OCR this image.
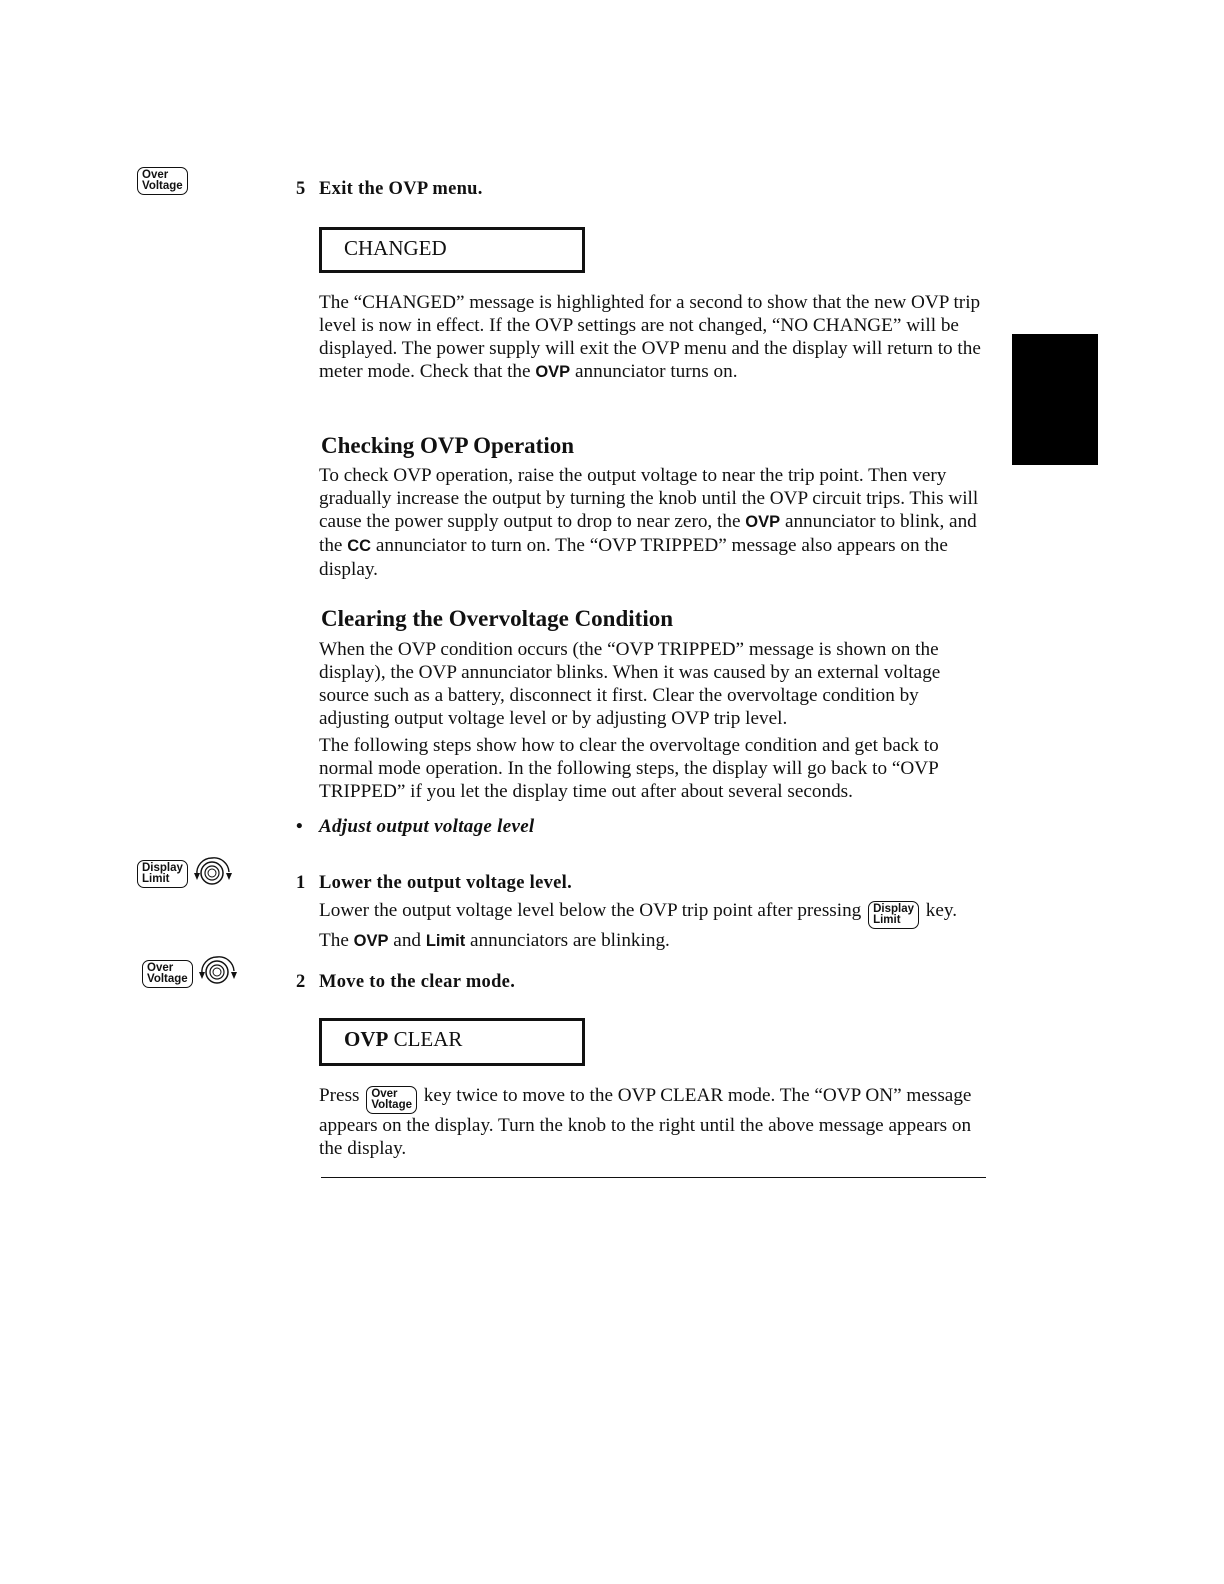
Over
Voltage
Display
Limit
Over
Voltage
5 Exit the OVP menu.
CHANGED

The “CHANGED” message is highlighted for a second to show that the new OVP trip level is now in effect. If the OVP settings are not changed, “NO CHANGE” will be displayed. The power supply will exit the OVP menu and the display will return to the meter mode. Check that the OVP annunciator turns on.

Checking OVP Operation

To check OVP operation, raise the output voltage to near the trip point. Then very gradually increase the output by turning the knob until the OVP circuit trips. This will cause the power supply output to drop to near zero, the OVP annunciator to blink, and the CC annunciator to turn on. The “OVP TRIPPED” message also appears on the display.

Clearing the Overvoltage Condition

When the OVP condition occurs (the “OVP TRIPPED” message is shown on the display), the OVP annunciator blinks. When it was caused by an external voltage source such as a battery, disconnect it first. Clear the overvoltage condition by adjusting output voltage level or by adjusting OVP trip level.

The following steps show how to clear the overvoltage condition and get back to normal mode operation. In the following steps, the display will go back to “OVP TRIPPED” if you let the display time out after about several seconds.

• Adjust output voltage level
1 Lower the output voltage level.

Lower the output voltage level below the OVP trip point after pressing Display
Limit	key. The OVP and Limit annunciators are blinking.

2 Move to the clear mode.
OVP CLEAR

Press Over
Voltage key twice to move to the OVP CLEAR mode. The “OVP ON” message appears on the display. Turn the knob to the right until the above message appears on the display.
